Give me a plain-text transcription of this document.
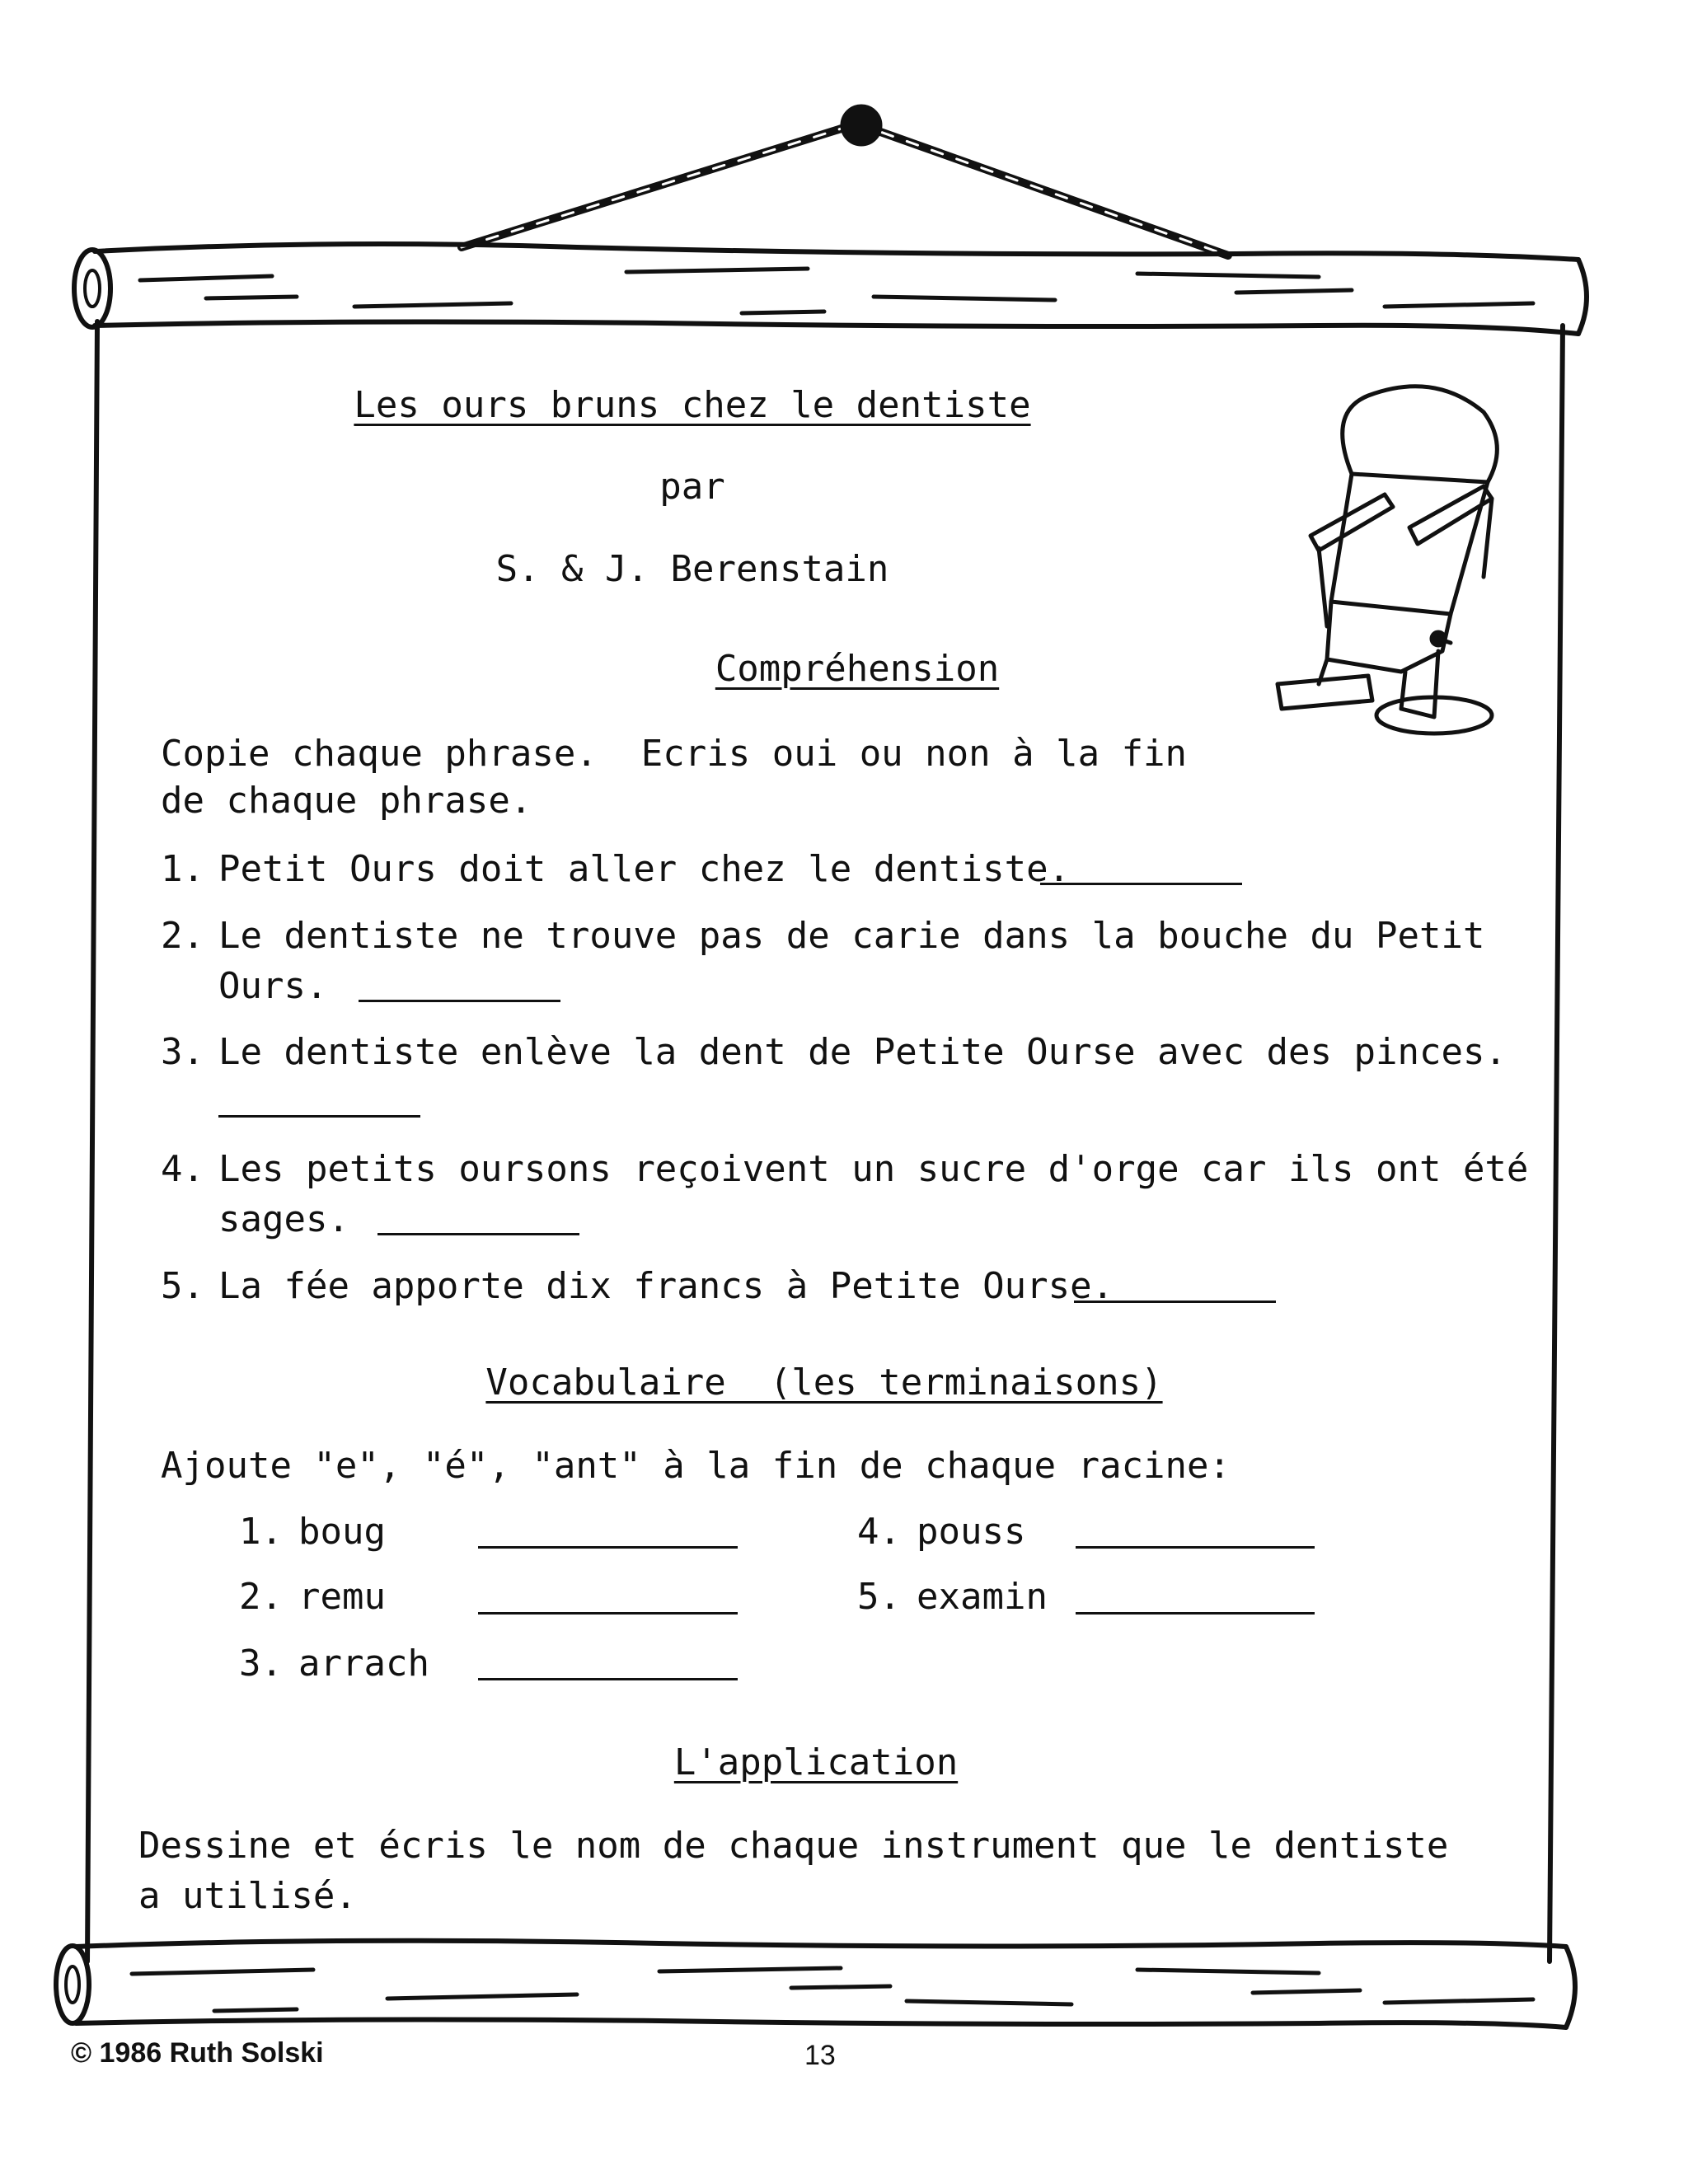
Les ours bruns chez le dentiste
par
S. & J. Berenstain
Compréhension
Copie chaque phrase.  Ecris oui ou non à la fin
de chaque phrase.
1. Petit Ours doit aller chez le dentiste.
2. Le dentiste ne trouve pas de carie dans la bouche du Petit
Ours.
3. Le dentiste enlève la dent de Petite Ourse avec des pinces.
4. Les petits oursons reçoivent un sucre d'orge car ils ont été
sages.
5. La fée apporte dix francs à Petite Ourse.
Vocabulaire  (les terminaisons)
Ajoute "e", "é", "ant" à la fin de chaque racine:
1. boug
2. remu
3. arrach
4. pouss
5. examin
L'application
Dessine et écris le nom de chaque instrument que le dentiste
a utilisé.
© 1986 Ruth Solski	13
